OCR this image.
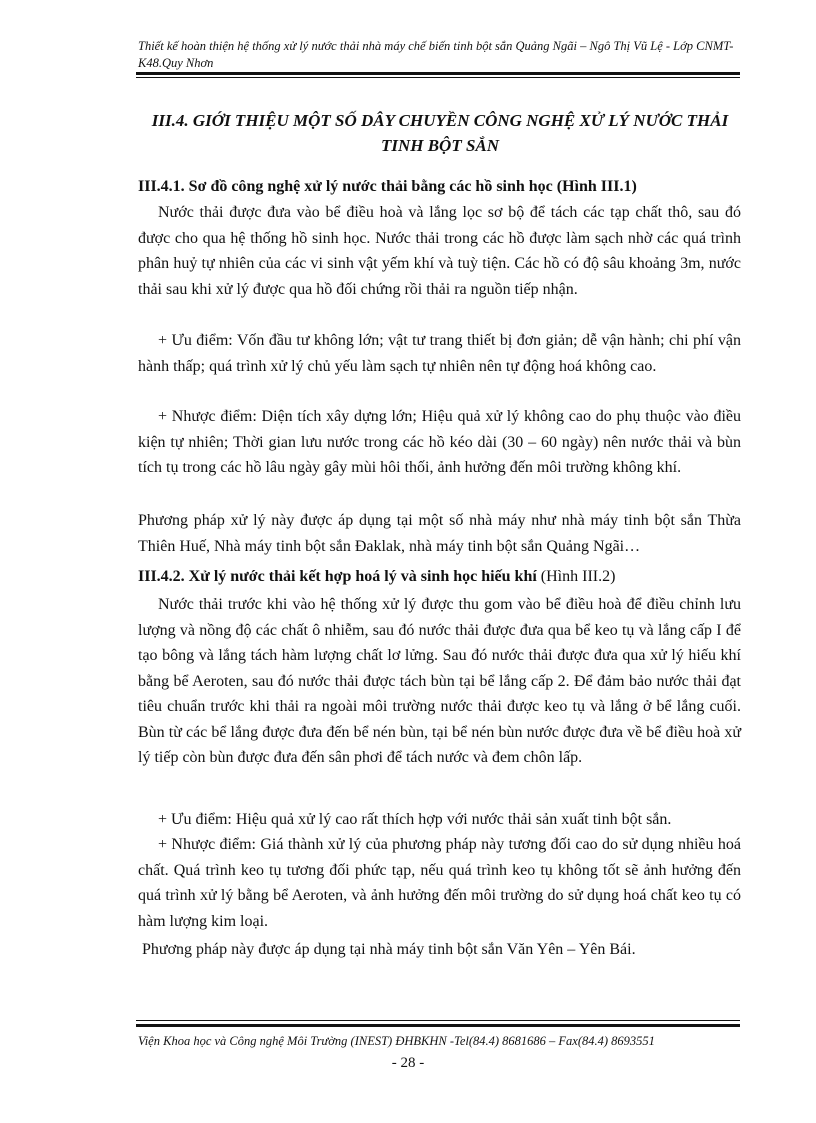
Thiết kế hoàn thiện hệ thống xử lý nước thải nhà máy chế biến tinh bột sắn Quảng Ngãi – Ngô Thị Vũ Lệ - Lớp CNMT-K48.Quy Nhơn
III.4. GIỚI THIỆU MỘT SỐ DÂY CHUYỀN CÔNG NGHỆ XỬ LÝ NƯỚC THẢI TINH BỘT SẮN
III.4.1. Sơ đồ công nghệ xử lý nước thải bằng các hồ sinh học (Hình III.1)

Nước thải được đưa vào bể điều hoà và lắng lọc sơ bộ để tách các tạp chất thô, sau đó được cho qua hệ thống hồ sinh học. Nước thải trong các hồ được làm sạch nhờ các quá trình phân huỷ tự nhiên của các vi sinh vật yếm khí và tuỳ tiện. Các hồ có độ sâu khoảng 3m, nước thải sau khi xử lý được qua hồ đối chứng rồi thải ra nguồn tiếp nhận.

+ Ưu điểm: Vốn đầu tư không lớn; vật tư trang thiết bị đơn giản; dễ vận hành; chi phí vận hành thấp; quá trình xử lý chủ yếu làm sạch tự nhiên nên tự động hoá không cao.

+ Nhược điểm: Diện tích xây dựng lớn; Hiệu quả xử lý không cao do phụ thuộc vào điều kiện tự nhiên; Thời gian lưu nước trong các hồ kéo dài (30 – 60 ngày) nên nước thải và bùn tích tụ trong các hồ lâu ngày gây mùi hôi thối, ảnh hưởng đến môi trường không khí.

Phương pháp xử lý này được áp dụng tại một số nhà máy như nhà máy tinh bột sắn Thừa Thiên Huế, Nhà máy tinh bột sắn Đaklak, nhà máy tinh bột sắn Quảng Ngãi…

III.4.2. Xử lý nước thải kết hợp hoá lý và sinh học hiếu khí (Hình III.2)

Nước thải trước khi vào hệ thống xử lý được thu gom vào bể điều hoà để điều chỉnh lưu lượng và nồng độ các chất ô nhiễm, sau đó nước thải được đưa qua bể keo tụ và lắng cấp I để tạo bông và lắng tách hàm lượng chất lơ lửng. Sau đó nước thải được đưa qua xử lý hiếu khí bằng bể Aeroten, sau đó nước thải được tách bùn tại bể lắng cấp 2. Để đảm bảo nước thải đạt tiêu chuẩn trước khi thải ra ngoài môi trường nước thải được keo tụ và lắng ở bể lắng cuối. Bùn từ các bể lắng được đưa đến bể nén bùn, tại bể nén bùn nước được đưa về bể điều hoà xử lý tiếp còn bùn được đưa đến sân phơi để tách nước và đem chôn lấp.

+ Ưu điểm: Hiệu quả xử lý cao rất thích hợp với nước thải sản xuất tinh bột sắn.

+ Nhược điểm: Giá thành xử lý của phương pháp này tương đối cao do sử dụng nhiều hoá chất. Quá trình keo tụ tương đối phức tạp, nếu quá trình keo tụ không tốt sẽ ảnh hưởng đến quá trình xử lý bằng bể Aeroten, và ảnh hưởng đến môi trường do sử dụng hoá chất keo tụ có hàm lượng kim loại.

Phương pháp này được áp dụng tại nhà máy tinh bột sắn Văn Yên – Yên Bái.

Viện Khoa học và Công nghệ Môi Trường (INEST) ĐHBKHN -Tel(84.4) 8681686 – Fax(84.4) 8693551
- 28 -
